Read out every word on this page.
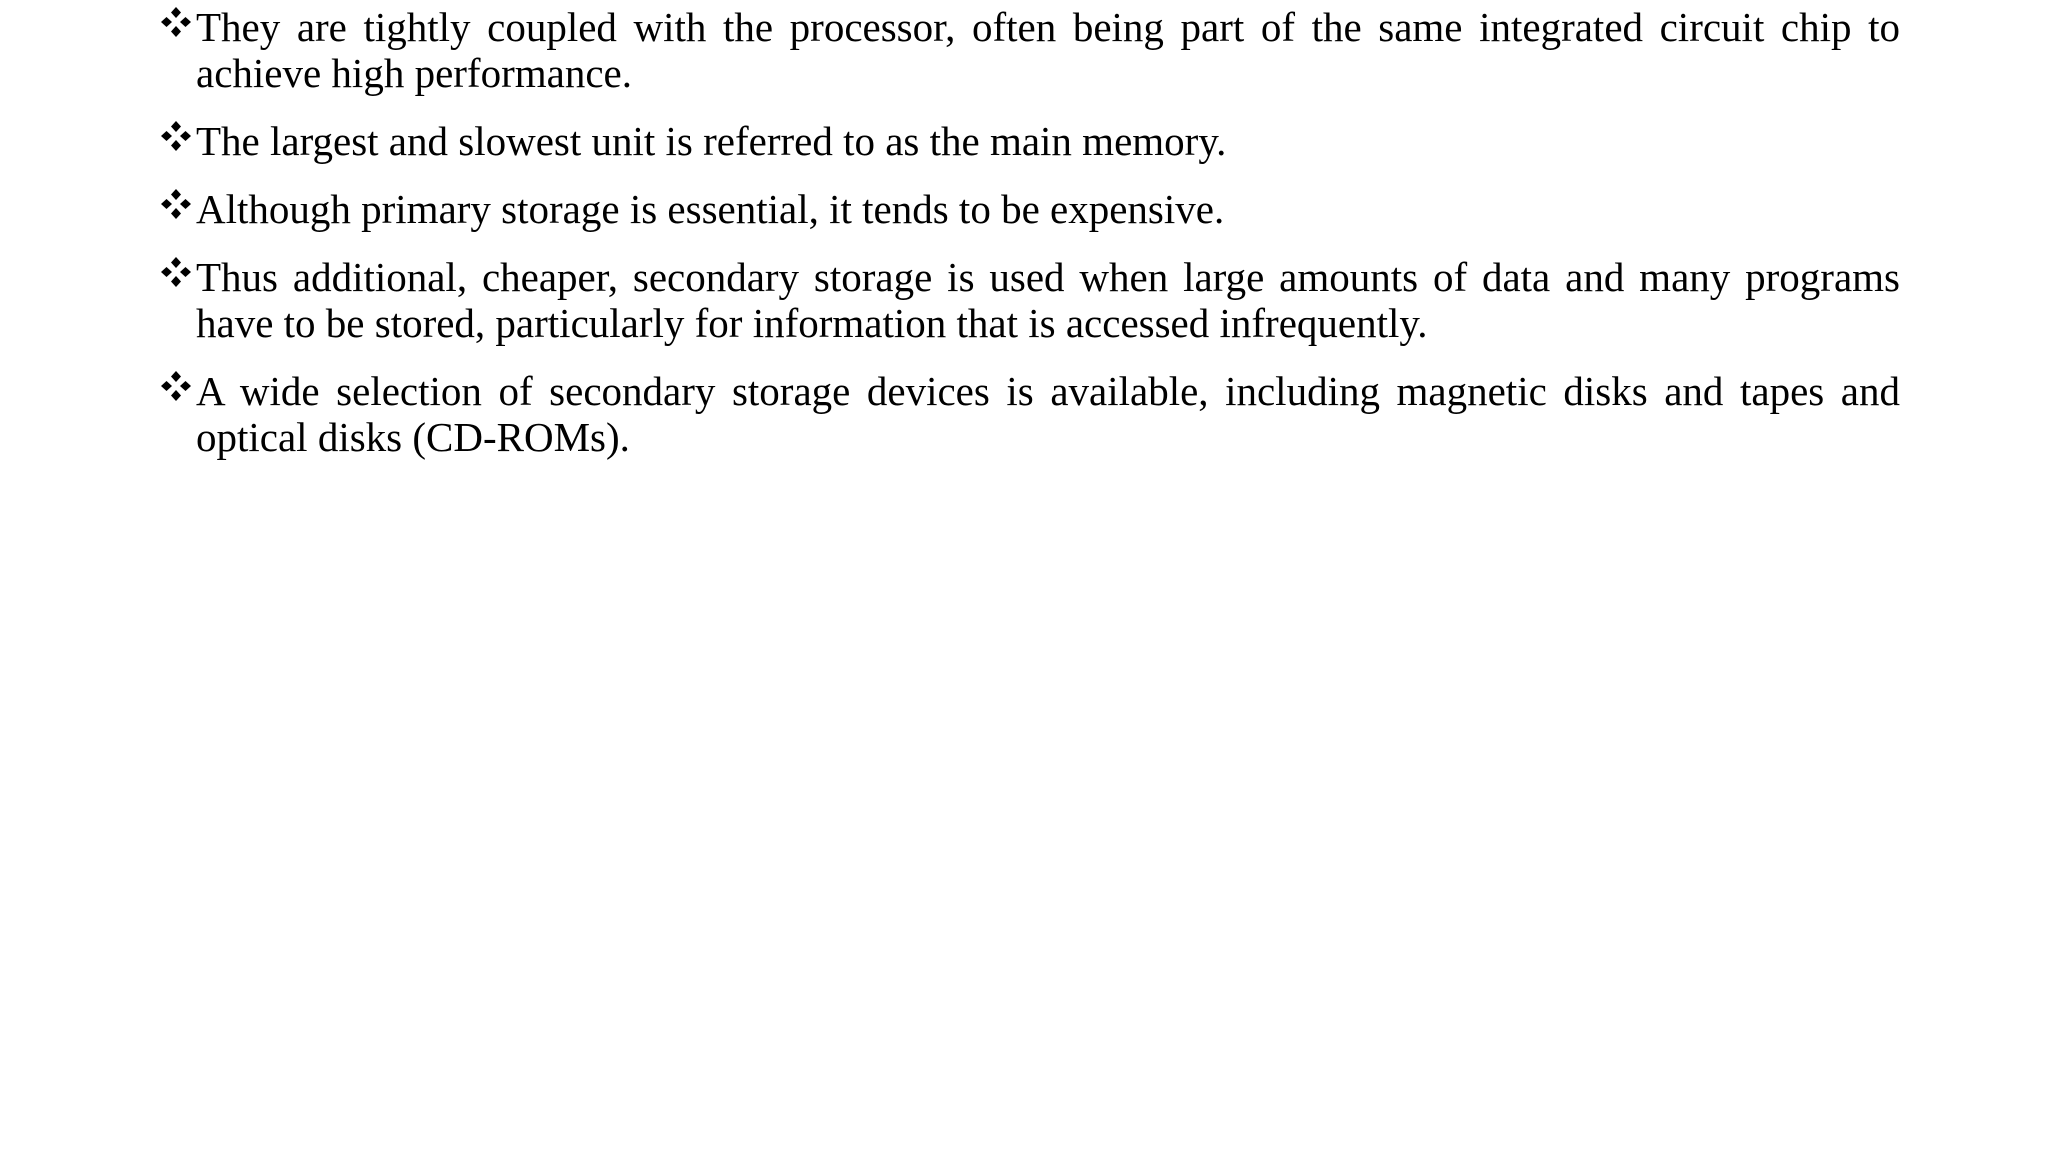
They are tightly coupled with the processor, often being part of the same integrated circuit chip to achieve high performance.
The largest and slowest unit is referred to as the main memory.
Although primary storage is essential, it tends to be expensive.
Thus additional, cheaper, secondary storage is used when large amounts of data and many programs have to be stored, particularly for information that is accessed infrequently.
A wide selection of secondary storage devices is available, including magnetic disks and tapes and optical disks (CD-ROMs).
